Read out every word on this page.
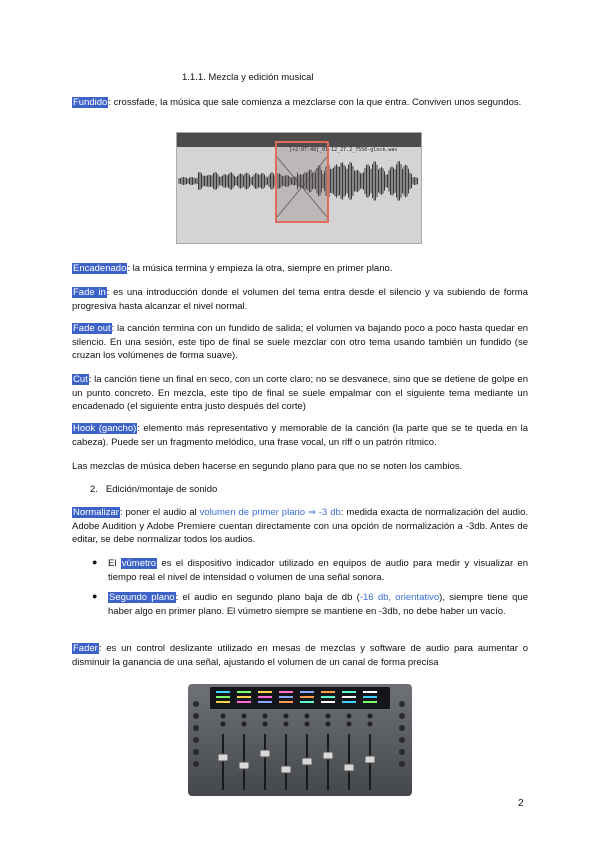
1.1.1. Mezcla y edición musical

Fundido: crossfade, la música que sale comienza a mezclarse con la que entra. Conviven unos segundos.

[+2:07:48]_01-12_27.2_7550-glock.wav

Encadenado: la música termina y empieza la otra, siempre en primer plano.

Fade in: es una introducción donde el volumen del tema entra desde el silencio y va subiendo de forma progresiva hasta alcanzar el nivel normal.

Fade out: la canción termina con un fundido de salida; el volumen va bajando poco a poco hasta quedar en silencio. En una sesión, este tipo de final se suele mezclar con otro tema usando también un fundido (se cruzan los volúmenes de forma suave).

Cut: la canción tiene un final en seco, con un corte claro; no se desvanece, sino que se detiene de golpe en un punto concreto. En mezcla, este tipo de final se suele empalmar con el siguiente tema mediante un encadenado (el siguiente entra justo después del corte)

Hook (gancho): elemento más representativo y memorable de la canción (la parte que se te queda en la cabeza). Puede ser un fragmento melódico, una frase vocal, un riff o un patrón rítmico.

Las mezclas de música deben hacerse en segundo plano para que no se noten los cambios.

2. Edición/montaje de sonido

Normalizar: poner el audio al volumen de primer plano ⇒ -3 db: medida exacta de normalización del audio. Adobe Audition y Adobe Premiere cuentan directamente con una opción de normalización a -3db. Antes de editar, se debe normalizar todos los audios.

● El vúmetro es el dispositivo indicador utilizado en equipos de audio para medir y visualizar en tiempo real el nivel de intensidad o volumen de una señal sonora.

● Segundo plano: el audio en segundo plano baja de db (-16 db, orientativo), siempre tiene que haber algo en primer plano. El vúmetro siempre se mantiene en -3db, no debe haber un vacío.

Fader: es un control deslizante utilizado en mesas de mezclas y software de audio para aumentar o disminuir la ganancia de una señal, ajustando el volumen de un canal de forma precisa

2
